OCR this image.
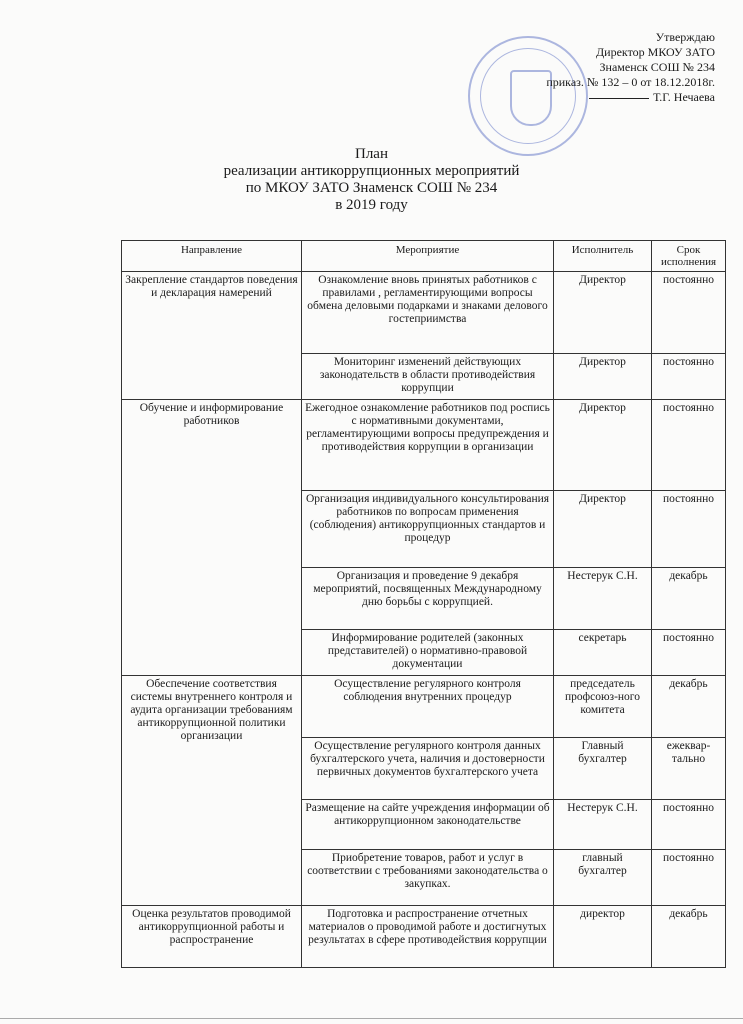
Утверждаю
Директор МКОУ ЗАТО
Знаменск СОШ № 234
приказ. № 132 – 0 от 18.12.2018г.
Т.Г. Нечаева
План
реализации антикоррупционных мероприятий
по МКОУ ЗАТО Знаменск СОШ № 234
в 2019 году
Направление	Мероприятие	Исполнитель	Срок исполнения
Закрепление стандартов поведения и декларация намерений	Ознакомление вновь принятых работников с правилами , регламентирующими вопросы обмена деловыми подарками и знаками делового гостеприимства	Директор	постоянно
	Мониторинг изменений действующих законодательств в области противодействия коррупции	Директор	постоянно
Обучение и информирование работников	Ежегодное ознакомление работников под роспись с нормативными документами, регламентирующими вопросы предупреждения и противодействия коррупции в организации	Директор	постоянно
	Организация индивидуального консультирования работников по вопросам применения (соблюдения) антикоррупционных стандартов и процедур	Директор	постоянно
	Организация и проведение 9 декабря мероприятий, посвященных Международному дню борьбы с коррупцией.	Нестерук С.Н.	декабрь
	Информирование родителей (законных представителей) о нормативно-правовой документации	секретарь	постоянно
Обеспечение соответствия системы внутреннего контроля и аудита организации требованиям антикоррупционной политики организации	Осуществление регулярного контроля соблюдения внутренних процедур	председатель профсоюз-ного комитета	декабрь
	Осуществление регулярного контроля данных бухгалтерского учета, наличия и достоверности первичных документов бухгалтерского учета	Главный бухгалтер	ежеквар-тально
	Размещение на сайте учреждения информации об антикоррупционном законодательстве	Нестерук С.Н.	постоянно
	Приобретение товаров, работ и услуг в соответствии с требованиями законодательства о закупках.	главный бухгалтер	постоянно
Оценка результатов проводимой антикоррупционной работы и распространение	Подготовка и распространение отчетных материалов о проводимой работе и достигнутых результатах в сфере противодействия коррупции	директор	декабрь
